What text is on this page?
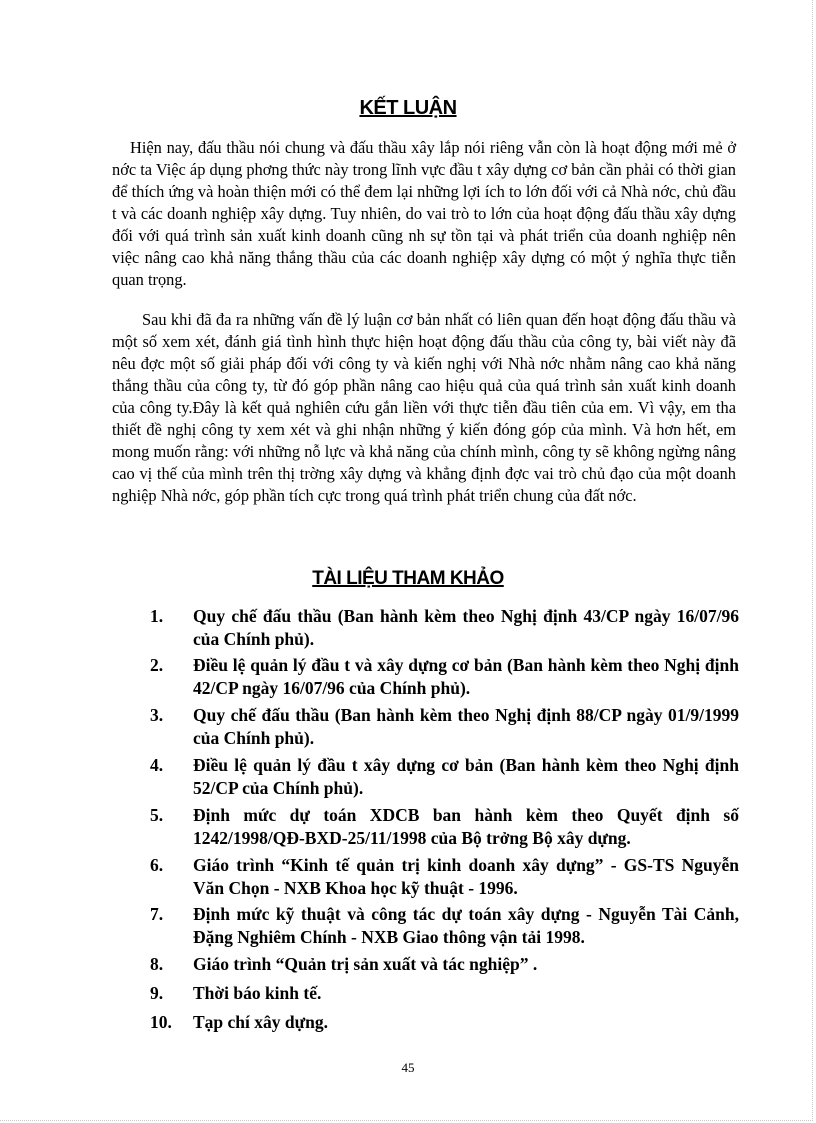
KẾT LUẬN

Hiện nay, đấu thầu nói chung và đấu thầu xây lắp nói riêng vẫn còn là hoạt động mới mẻ ở nớc ta Việc áp dụng phơng thức này trong lĩnh vực đầu t xây dựng cơ bản cần phải có thời gian để thích ứng và hoàn thiện mới có thể đem lại những lợi ích to lớn đối với cả Nhà nớc, chủ đầu t và các doanh nghiệp xây dựng. Tuy nhiên, do vai trò to lớn của hoạt động đấu thầu xây dựng đối với quá trình sản xuất kinh doanh cũng nh sự tồn tại và phát triển của doanh nghiệp nên việc nâng cao khả năng thắng thầu của các doanh nghiệp xây dựng có một ý nghĩa thực tiễn quan trọng.

Sau khi đã đa ra những vấn đề lý luận cơ bản nhất có liên quan đến hoạt động đấu thầu và một số xem xét, đánh giá tình hình thực hiện hoạt động đấu thầu của công ty, bài viết này đã nêu đợc một số giải pháp đối với công ty và kiến nghị với Nhà nớc nhằm nâng cao khả năng thắng thầu của công ty, từ đó góp phần nâng cao hiệu quả của quá trình sản xuất kinh doanh của công ty.Đây là kết quả nghiên cứu gắn liền với thực tiễn đầu tiên của em. Vì vậy, em tha thiết đề nghị công ty xem xét và ghi nhận những ý kiến đóng góp của mình. Và hơn hết, em mong muốn rằng: với những nỗ lực và khả năng của chính mình, công ty sẽ không ngừng nâng cao vị thế của mình trên thị trờng xây dựng và khẳng định đợc vai trò chủ đạo của một doanh nghiệp Nhà nớc, góp phần tích cực trong quá trình phát triển chung của đất nớc.

TÀI LIỆU THAM KHẢO
1.	Quy chế đấu thầu (Ban hành kèm theo Nghị định 43/CP ngày 16/07/96 của Chính phủ).

2.	Điều lệ quản lý đầu t và xây dựng cơ bản (Ban hành kèm theo Nghị định 42/CP ngày 16/07/96 của Chính phủ).

3.	Quy chế đấu thầu (Ban hành kèm theo Nghị định 88/CP ngày 01/9/1999 của Chính phủ).

4.	Điều lệ quản lý đầu t xây dựng cơ bản (Ban hành kèm theo Nghị định 52/CP của Chính phủ).

5.	Định mức dự toán XDCB ban hành kèm theo Quyết định số 1242/1998/QĐ-BXD-25/11/1998 của Bộ trởng Bộ xây dựng.

6.	Giáo trình “Kinh tế quản trị kinh doanh xây dựng” - GS-TS Nguyễn Văn Chọn - NXB Khoa học kỹ thuật - 1996.

7.	Định mức kỹ thuật và công tác dự toán xây dựng - Nguyễn Tài Cảnh, Đặng Nghiêm Chính - NXB Giao thông vận tải 1998.

8.	Giáo trình “Quản trị sản xuất và tác nghiệp” .

9.	Thời báo kinh tế.

10.	Tạp chí xây dựng.

45
